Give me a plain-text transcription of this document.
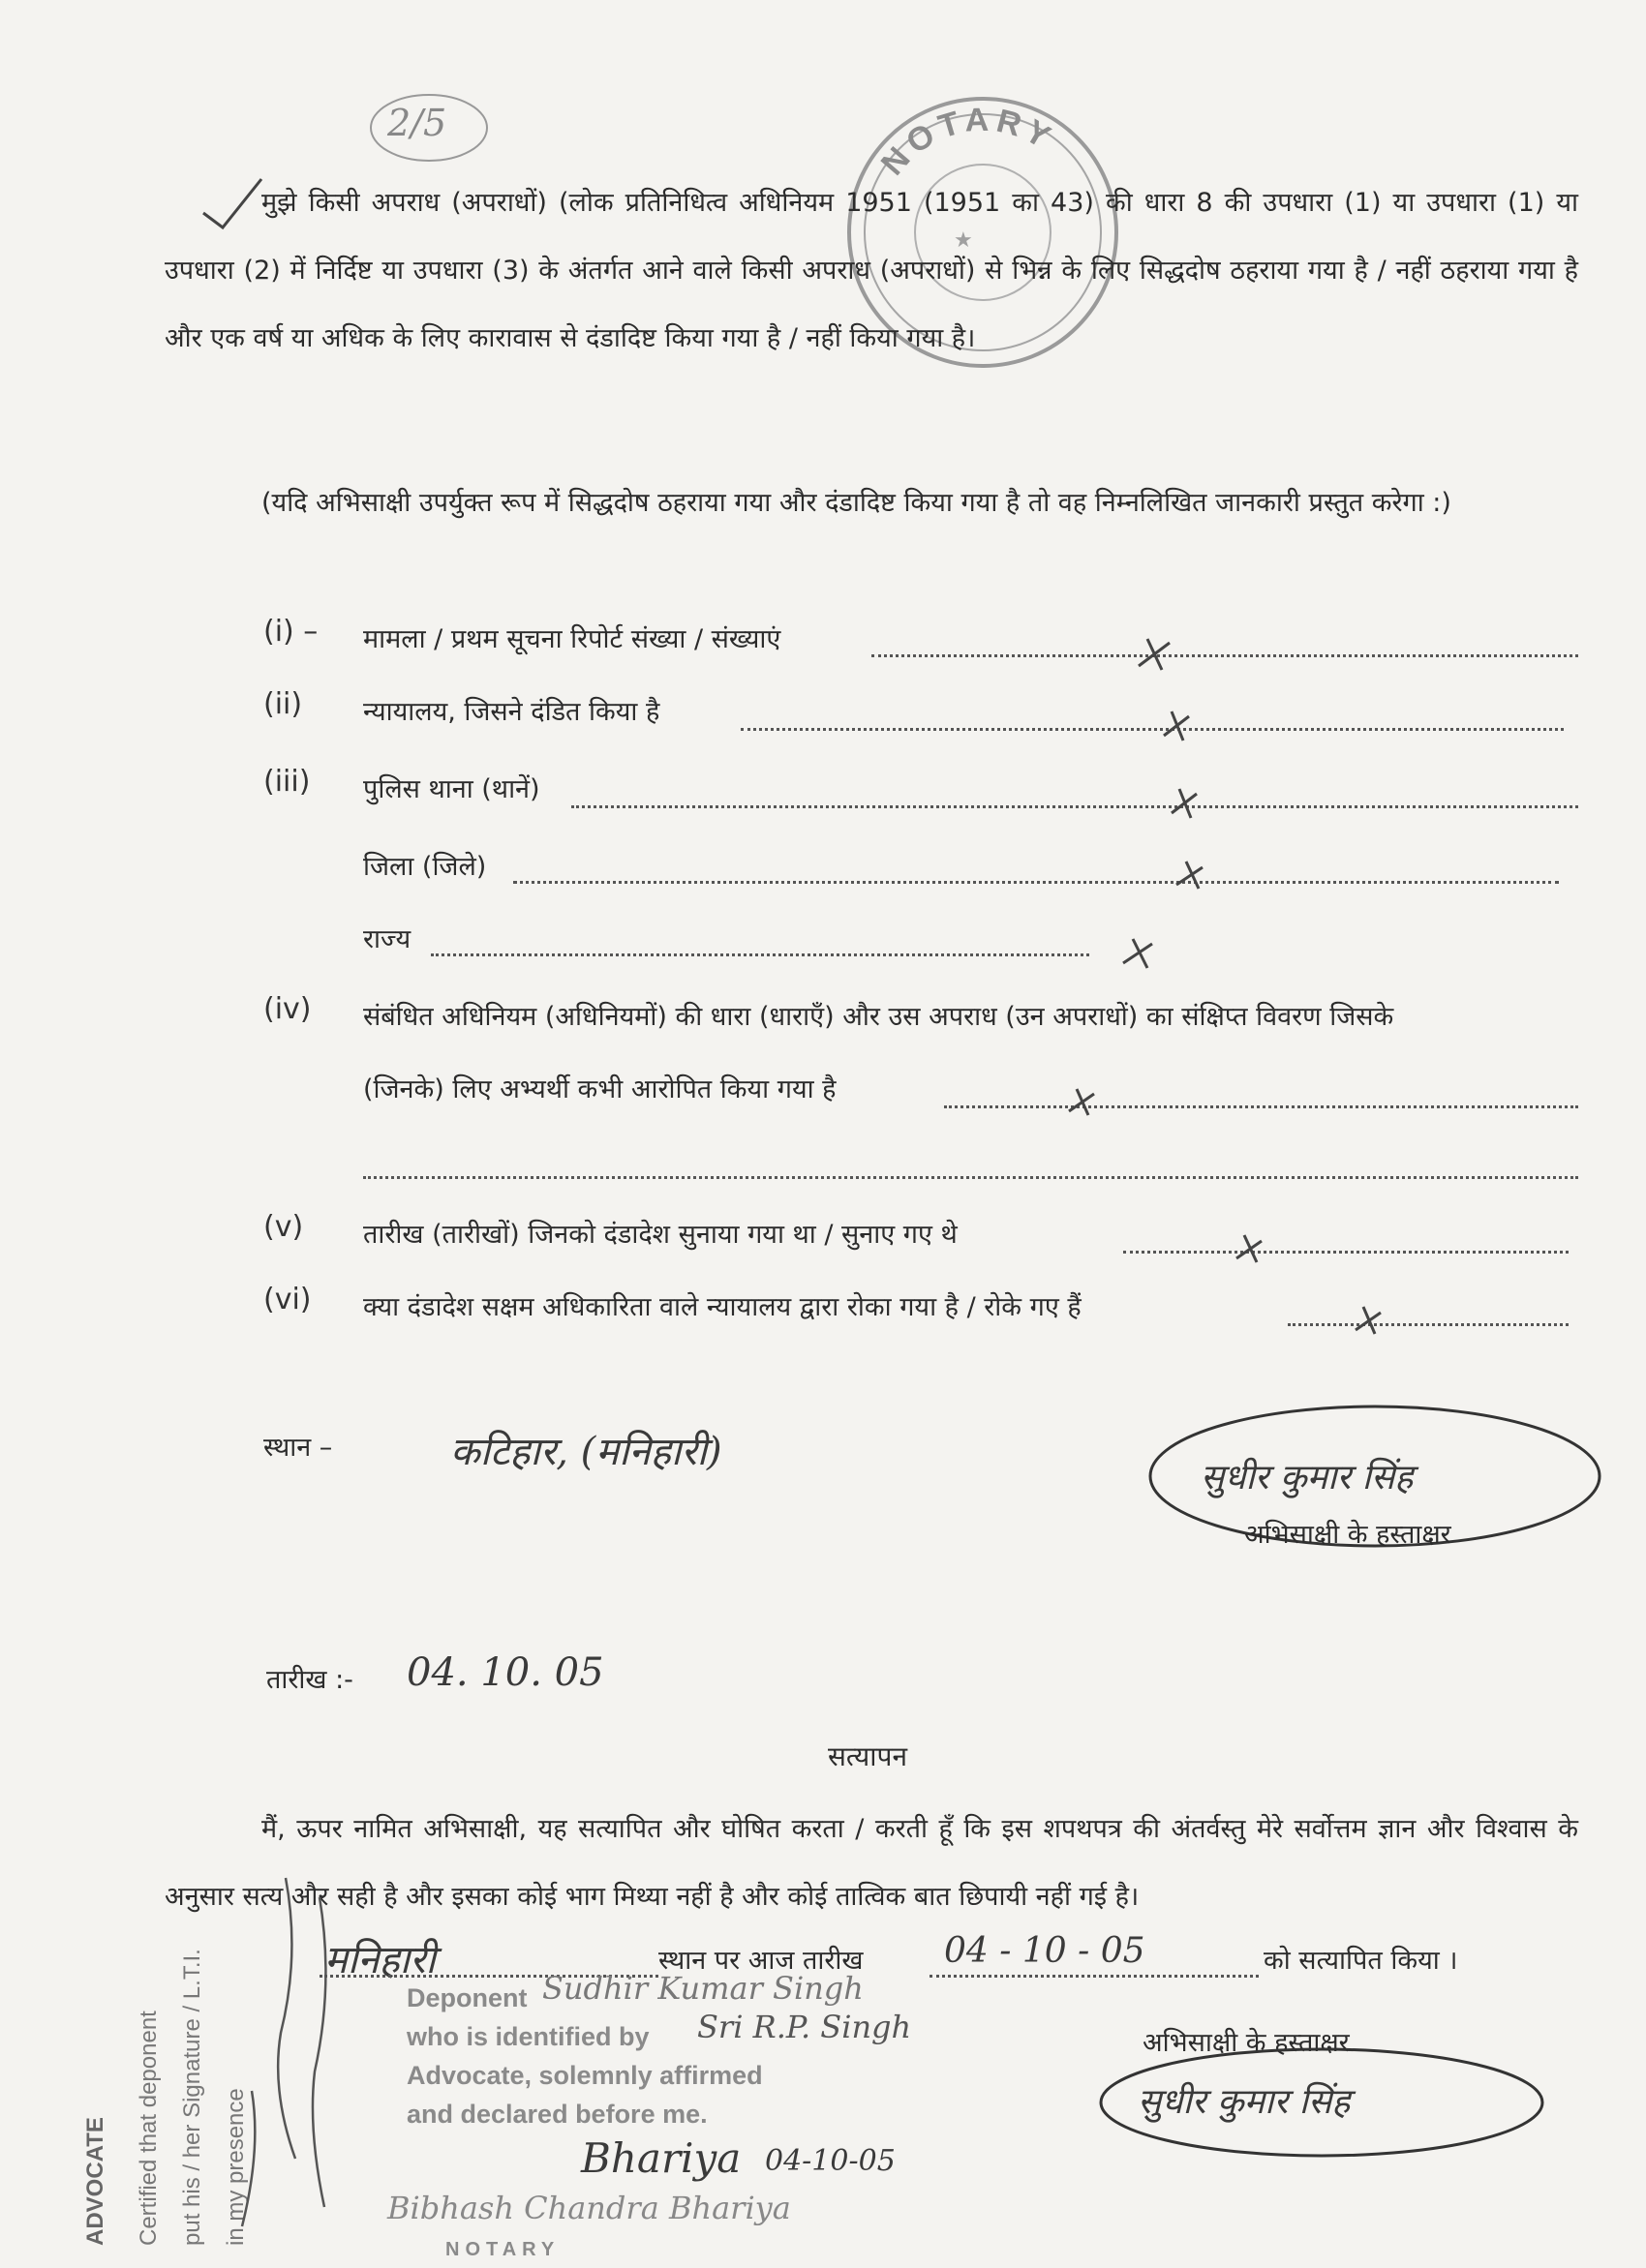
2/5
NOTARY
★
मुझे किसी अपराध (अपराधों) (लोक प्रतिनिधित्व अधिनियम 1951 (1951 का 43) की धारा 8 की उपधारा (1) या उपधारा (1) या उपधारा (2) में निर्दिष्ट या उपधारा (3) के अंतर्गत आने वाले किसी अपराध (अपराधों) से भिन्न के लिए सिद्धदोष ठहराया गया है / नहीं ठहराया गया है और एक वर्ष या अधिक के लिए कारावास से दंडादिष्ट किया गया है / नहीं किया गया है।
(यदि अभिसाक्षी उपर्युक्त रूप में सिद्धदोष ठहराया गया और दंडादिष्ट किया गया है तो वह निम्नलिखित जानकारी प्रस्तुत करेगा :)
(i) – मामला / प्रथम सूचना रिपोर्ट संख्या / संख्याएं
(ii) न्यायालय, जिसने दंडित किया है
(iii) पुलिस थाना (थानें)
जिला (जिले)
राज्य
(iv) संबंधित अधिनियम (अधिनियमों) की धारा (धाराएँ) और उस अपराध (उन अपराधों) का संक्षिप्त विवरण जिसके
(जिनके) लिए अभ्यर्थी कभी आरोपित किया गया है
(v) तारीख (तारीखों) जिनको दंडादेश सुनाया गया था / सुनाए गए थे
(vi) क्या दंडादेश सक्षम अधिकारिता वाले न्यायालय द्वारा रोका गया है / रोके गए हैं
स्थान –	कटिहार, (मनिहारी)
सुधीर कुमार सिंह
अभिसाक्षी के हस्ताक्षर
तारीख :- 04. 10. 05
सत्यापन
मैं, ऊपर नामित अभिसाक्षी, यह सत्यापित और घोषित करता / करती हूँ कि इस शपथपत्र की अंतर्वस्तु मेरे सर्वोत्तम ज्ञान और विश्वास के अनुसार सत्य और सही है और इसका कोई भाग मिथ्या नहीं है और कोई तात्विक बात छिपायी नहीं गई है।
मनिहारी	स्थान पर आज तारीख 04 - 10 - 05	को सत्यापित किया ।
अभिसाक्षी के हस्ताक्षर
सुधीर कुमार सिंह
Deponent Sudhir Kumar Singh
who is identified by Sri R.P. Singh
Advocate, solemnly affirmed
and declared before me.
Bhariya 04-10-05
Bibhash Chandra Bhariya
NOTARY
ADVOCATE Certified that deponent put his / her Signature / L.T.I. in my presence
